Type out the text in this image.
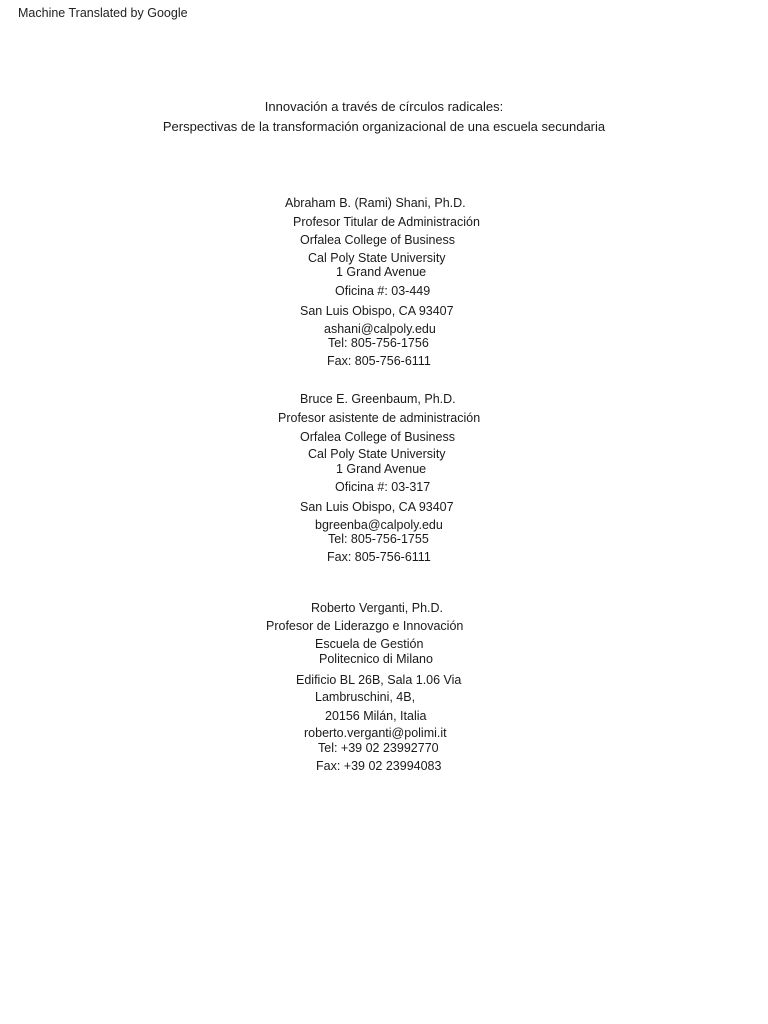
Machine Translated by Google
Innovación a través de círculos radicales:
Perspectivas de la transformación organizacional de una escuela secundaria
Abraham B. (Rami) Shani, Ph.D.
Profesor Titular de Administración
Orfalea College of Business
Cal Poly State University
1 Grand Avenue
Oficina #: 03-449
San Luis Obispo, CA 93407
ashani@calpoly.edu
Tel: 805-756-1756
Fax: 805-756-6111
Bruce E. Greenbaum, Ph.D.
Profesor asistente de administración
Orfalea College of Business
Cal Poly State University
1 Grand Avenue
Oficina #: 03-317
San Luis Obispo, CA 93407
bgreenba@calpoly.edu
Tel: 805-756-1755
Fax: 805-756-6111
Roberto Verganti, Ph.D.
Profesor de Liderazgo e Innovación
Escuela de Gestión
Politecnico di Milano
Edificio BL 26B, Sala 1.06 Via
Lambruschini, 4B,
20156 Milán, Italia
roberto.verganti@polimi.it
Tel: +39 02 23992770
Fax: +39 02 23994083
